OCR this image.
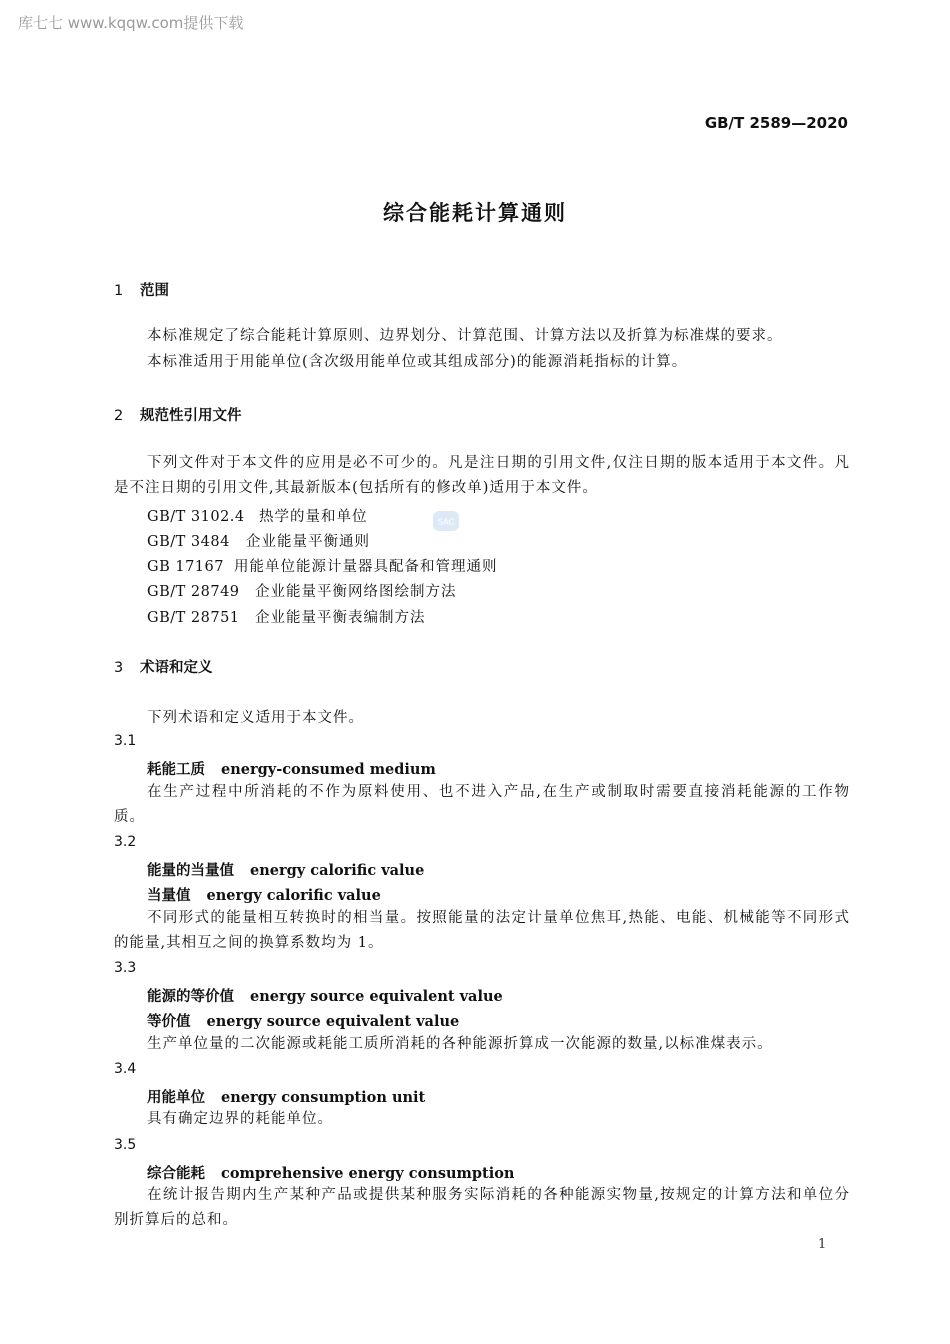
库七七 www.kqqw.com提供下载
GB/T 2589—2020
综合能耗计算通则
1 范围
本标准规定了综合能耗计算原则、边界划分、计算范围、计算方法以及折算为标准煤的要求。
本标准适用于用能单位(含次级用能单位或其组成部分)的能源消耗指标的计算。
2 规范性引用文件
下列文件对于本文件的应用是必不可少的。凡是注日期的引用文件,仅注日期的版本适用于本文件。凡是不注日期的引用文件,其最新版本(包括所有的修改单)适用于本文件。
GB/T 3102.4 热学的量和单位
GB/T 3484 企业能量平衡通则
GB 17167 用能单位能源计量器具配备和管理通则
GB/T 28749 企业能量平衡网络图绘制方法
GB/T 28751 企业能量平衡表编制方法
SAC
3 术语和定义
下列术语和定义适用于本文件。
3.1
耗能工质 energy-consumed medium
在生产过程中所消耗的不作为原料使用、也不进入产品,在生产或制取时需要直接消耗能源的工作物质。
3.2
能量的当量值 energy calorific value
当量值 energy calorific value
不同形式的能量相互转换时的相当量。按照能量的法定计量单位焦耳,热能、电能、机械能等不同形式的能量,其相互之间的换算系数均为 1。
3.3
能源的等价值 energy source equivalent value
等价值 energy source equivalent value
生产单位量的二次能源或耗能工质所消耗的各种能源折算成一次能源的数量,以标准煤表示。
3.4
用能单位 energy consumption unit
具有确定边界的耗能单位。
3.5
综合能耗 comprehensive energy consumption
在统计报告期内生产某种产品或提供某种服务实际消耗的各种能源实物量,按规定的计算方法和单位分别折算后的总和。
1
